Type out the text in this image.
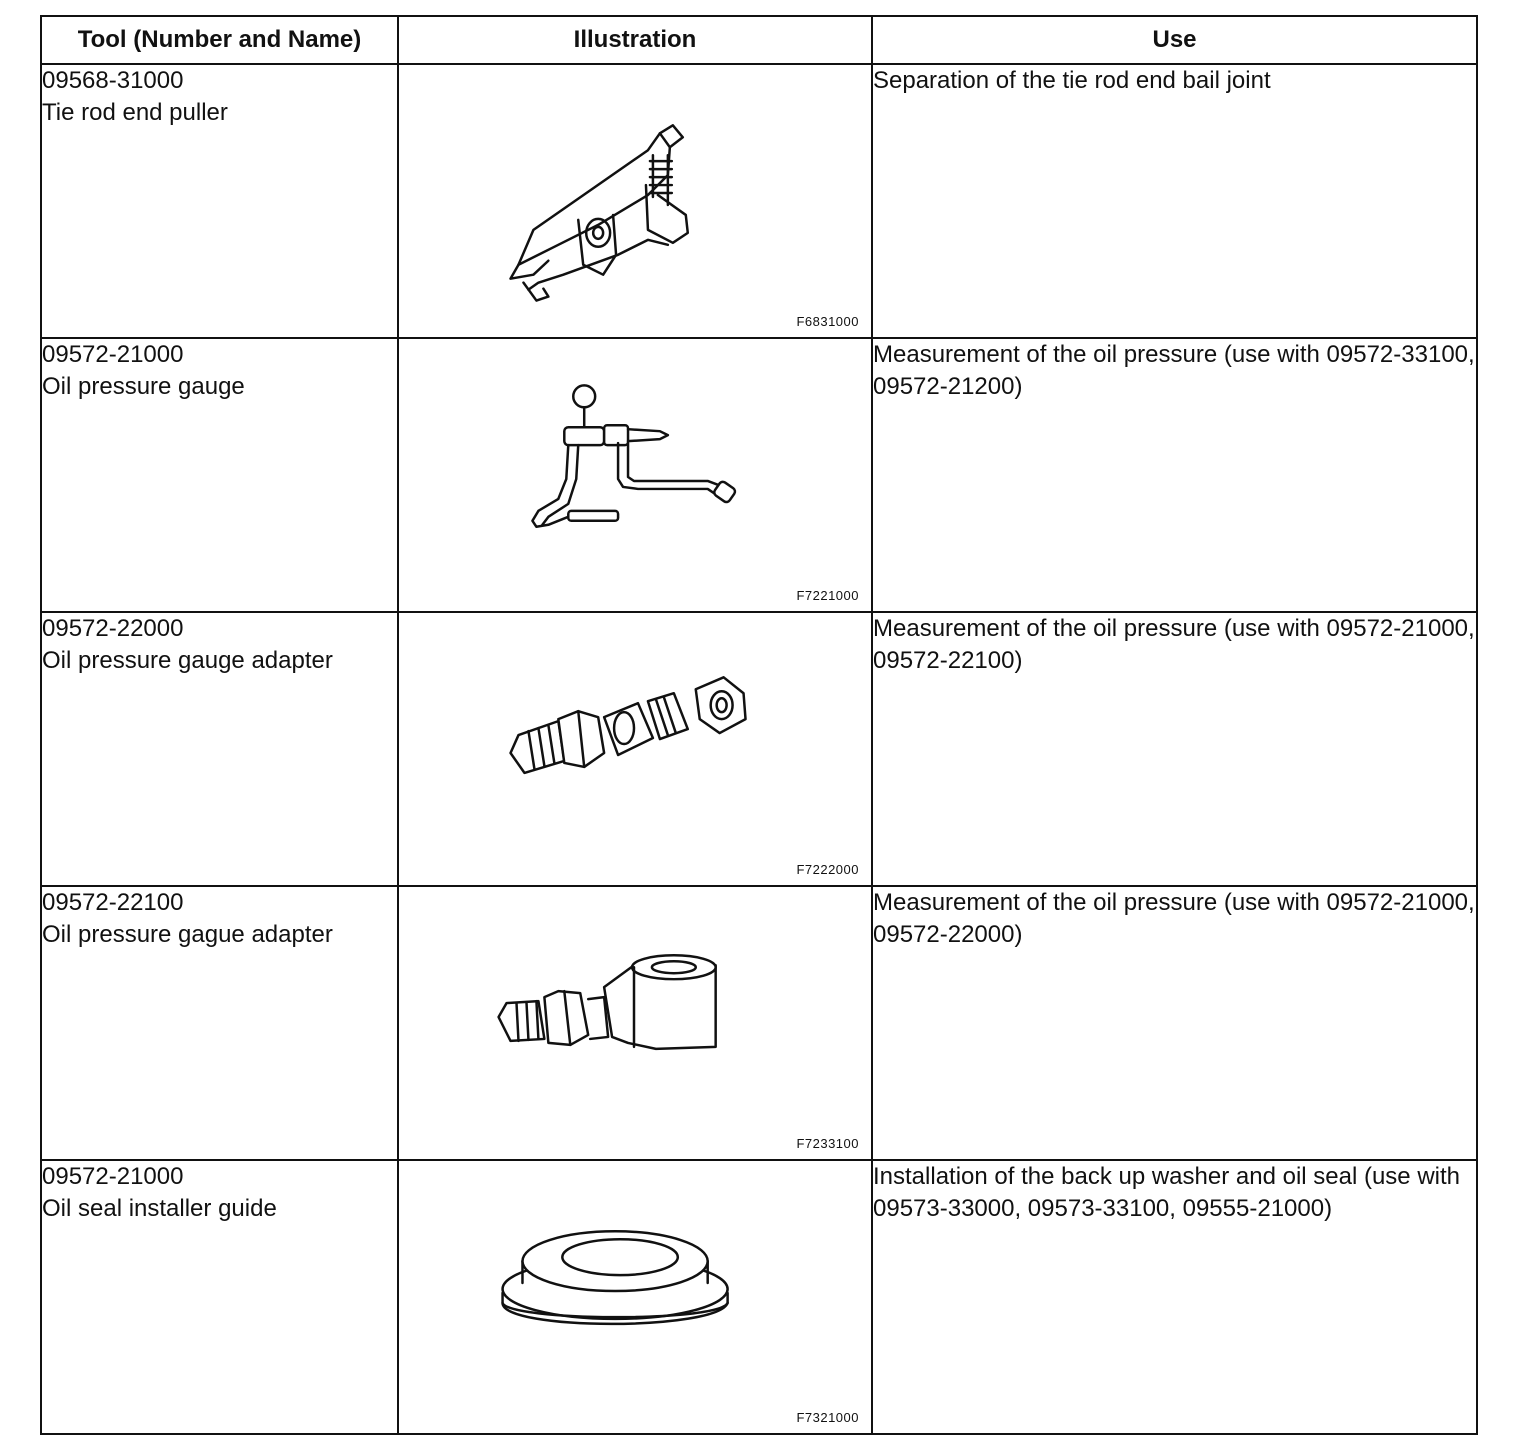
Tool (Number and Name)	Illustration	Use

09568-31000
Tie rod end puller	F6831000	Separation of the tie rod end bail joint

09572-21000
Oil pressure gauge	F7221000	Measurement of the oil pressure (use with 09572-33100, 09572-21200)

09572-22000
Oil pressure gauge adapter	F7222000	Measurement of the oil pressure (use with 09572-21000, 09572-22100)

09572-22100
Oil pressure gague adapter	F7233100	Measurement of the oil pressure (use with 09572-21000, 09572-22000)

09572-21000
Oil seal installer guide	F7321000	Installation of the back up washer and oil seal (use with 09573-33000, 09573-33100, 09555-21000)
